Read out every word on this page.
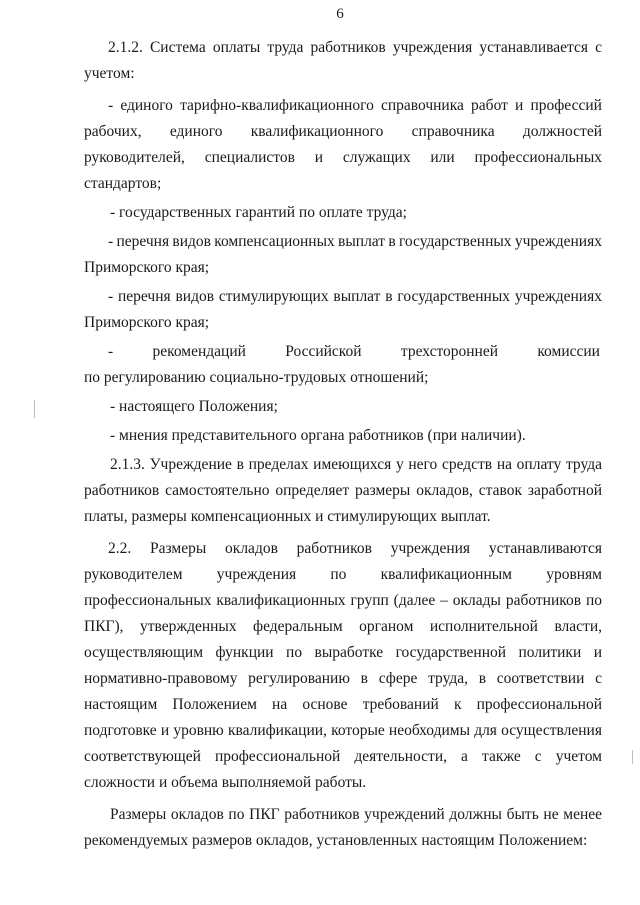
6
2.1.2. Система оплаты труда работников учреждения устанавливается с

учетом:

- единого тарифно-квалификационного справочника работ и профессий

рабочих, единого квалификационного справочника должностей руководителей, специалистов и служащих или профессиональных стандартов;

- государственных гарантий по оплате труда;

- перечня видов компенсационных выплат в государственных учреждениях

Приморского края;

- перечня видов стимулирующих выплат в государственных учреждениях

Приморского края;

-	рекомендаций	Российской	трехсторонней	комиссии

по регулированию социально-трудовых отношений;

- настоящего Положения;

- мнения представительного органа работников (при наличии).

2.1.3. Учреждение в пределах имеющихся у него средств на оплату труда работников самостоятельно определяет размеры окладов, ставок заработной платы, размеры компенсационных и стимулирующих выплат.

2.2. Размеры окладов работников учреждения устанавливаются

руководителем учреждения по квалификационным уровням профессиональных квалификационных групп (далее – оклады работников по ПКГ), утвержденных федеральным органом исполнительной власти, осуществляющим функции по выработке государственной политики и нормативно-правовому регулированию в сфере труда, в соответствии с настоящим Положением на основе требований к профессиональной подготовке и уровню квалификации, которые необходимы для осуществления соответствующей профессиональной деятельности, а также с учетом сложности и объема выполняемой работы.

Размеры окладов по ПКГ работников учреждений должны быть не менее рекомендуемых размеров окладов, установленных настоящим Положением:
